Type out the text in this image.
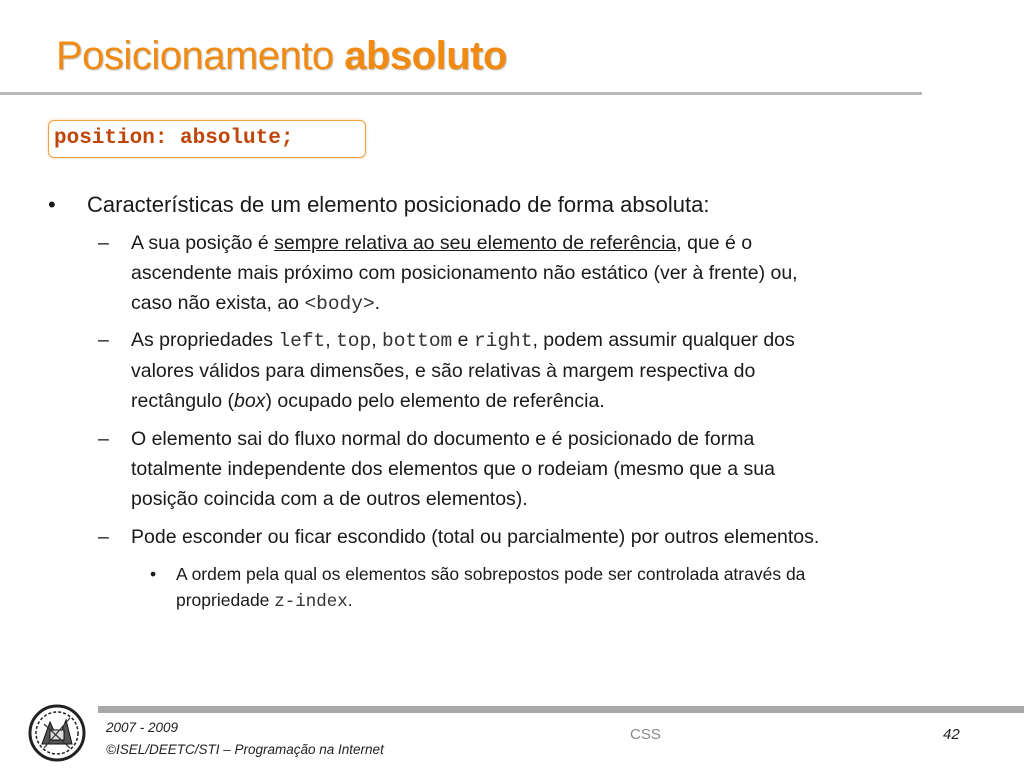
Posicionamento absoluto
position: absolute;
• Características de um elemento posicionado de forma absoluta:
– A sua posição é sempre relativa ao seu elemento de referência, que é o
ascendente mais próximo com posicionamento não estático (ver à frente) ou,
caso não exista, ao <body>.
– As propriedades left, top, bottom e right, podem assumir qualquer dos
valores válidos para dimensões, e são relativas à margem respectiva do
rectângulo (box) ocupado pelo elemento de referência.
– O elemento sai do fluxo normal do documento e é posicionado de forma
totalmente independente dos elementos que o rodeiam (mesmo que a sua
posição coincida com a de outros elementos).
– Pode esconder ou ficar escondido (total ou parcialmente) por outros elementos.
• A ordem pela qual os elementos são sobrepostos pode ser controlada através da
propriedade z-index.
2007 - 2009
©ISEL/DEETC/STI – Programação na Internet
CSS	42
